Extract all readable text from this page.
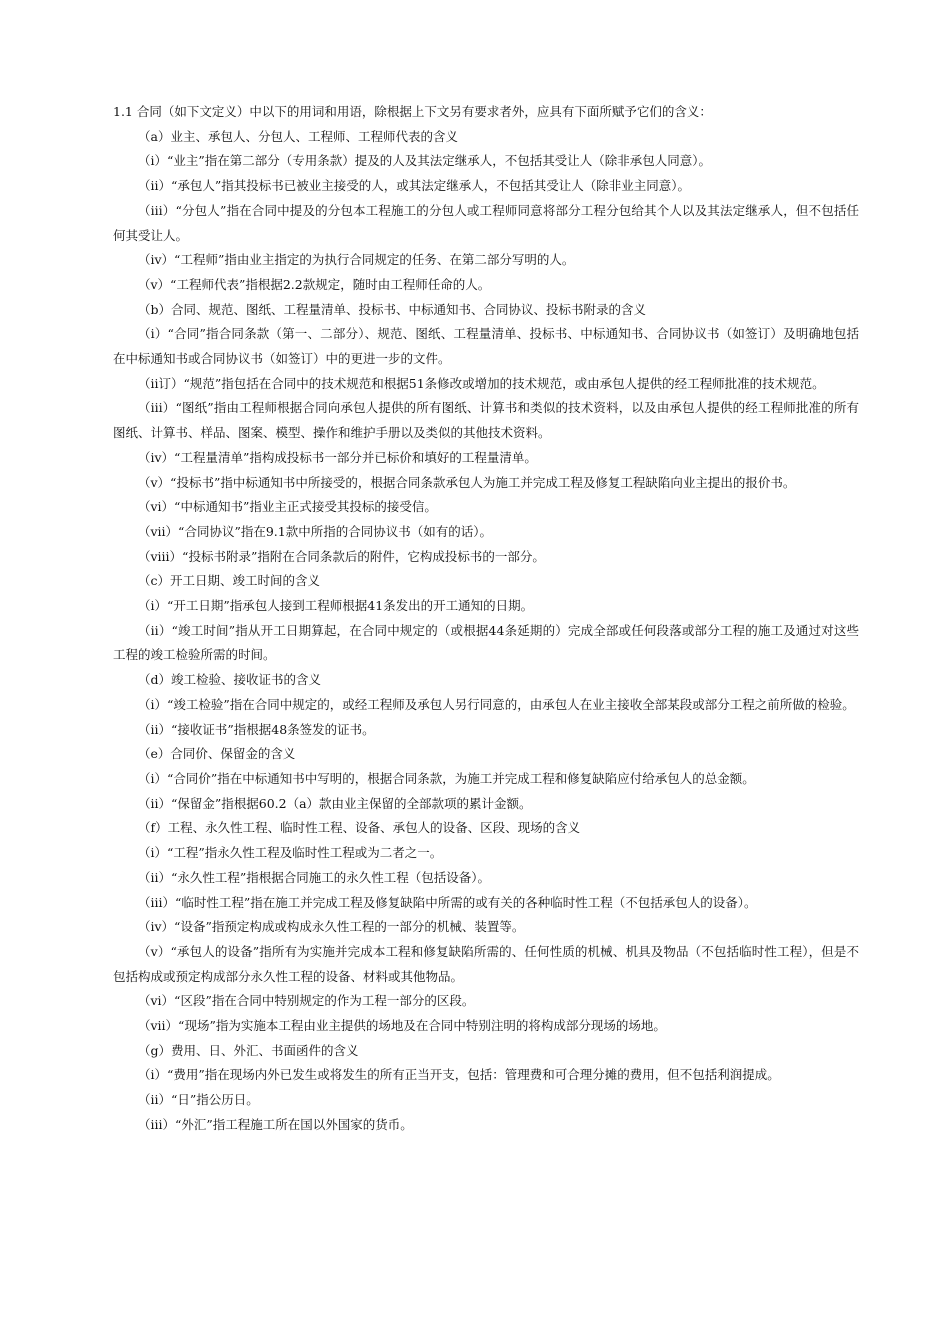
1.1 合同（如下文定义）中以下的用词和用语，除根据上下文另有要求者外，应具有下面所赋予它们的含义：

（a）业主、承包人、分包人、工程师、工程师代表的含义

（i）“业主”指在第二部分（专用条款）提及的人及其法定继承人，不包括其受让人（除非承包人同意）。

（ii）“承包人”指其投标书已被业主接受的人，或其法定继承人，不包括其受让人（除非业主同意）。

（iii）“分包人”指在合同中提及的分包本工程施工的分包人或工程师同意将部分工程分包给其个人以及其法定继承人，但不包括任何其受让人。

（iv）“工程师”指由业主指定的为执行合同规定的任务、在第二部分写明的人。

（v）“工程师代表”指根据2.2款规定，随时由工程师任命的人。

（b）合同、规范、图纸、工程量清单、投标书、中标通知书、合同协议、投标书附录的含义

（i）“合同”指合同条款（第一、二部分）、规范、图纸、工程量清单、投标书、中标通知书、合同协议书（如签订）及明确地包括在中标通知书或合同协议书（如签订）中的更进一步的文件。

（ii订）“规范”指包括在合同中的技术规范和根据51条修改或增加的技术规范，或由承包人提供的经工程师批准的技术规范。

（iii）“图纸”指由工程师根据合同向承包人提供的所有图纸、计算书和类似的技术资料，以及由承包人提供的经工程师批准的所有图纸、计算书、样品、图案、模型、操作和维护手册以及类似的其他技术资料。

（iv）“工程量清单”指构成投标书一部分并已标价和填好的工程量清单。

（v）“投标书”指中标通知书中所接受的，根据合同条款承包人为施工并完成工程及修复工程缺陷向业主提出的报价书。

（vi）“中标通知书”指业主正式接受其投标的接受信。

（vii）“合同协议”指在9.1款中所指的合同协议书（如有的话）。

（viii）“投标书附录”指附在合同条款后的附件，它构成投标书的一部分。

（c）开工日期、竣工时间的含义

（i）“开工日期”指承包人接到工程师根据41条发出的开工通知的日期。

（ii）“竣工时间”指从开工日期算起，在合同中规定的（或根据44条延期的）完成全部或任何段落或部分工程的施工及通过对这些工程的竣工检验所需的时间。

（d）竣工检验、接收证书的含义

（i）“竣工检验”指在合同中规定的，或经工程师及承包人另行同意的，由承包人在业主接收全部某段或部分工程之前所做的检验。

（ii）“接收证书”指根据48条签发的证书。

（e）合同价、保留金的含义

（i）“合同价”指在中标通知书中写明的，根据合同条款，为施工并完成工程和修复缺陷应付给承包人的总金额。

（ii）“保留金”指根据60.2（a）款由业主保留的全部款项的累计金额。

（f）工程、永久性工程、临时性工程、设备、承包人的设备、区段、现场的含义

（i）“工程”指永久性工程及临时性工程或为二者之一。

（ii）“永久性工程”指根据合同施工的永久性工程（包括设备）。

（iii）“临时性工程”指在施工并完成工程及修复缺陷中所需的或有关的各种临时性工程（不包括承包人的设备）。

（iv）“设备”指预定构成或构成永久性工程的一部分的机械、装置等。

（v）“承包人的设备”指所有为实施并完成本工程和修复缺陷所需的、任何性质的机械、机具及物品（不包括临时性工程），但是不包括构成或预定构成部分永久性工程的设备、材料或其他物品。

（vi）“区段”指在合同中特别规定的作为工程一部分的区段。

（vii）“现场”指为实施本工程由业主提供的场地及在合同中特别注明的将构成部分现场的场地。

（g）费用、日、外汇、书面函件的含义

（i）“费用”指在现场内外已发生或将发生的所有正当开支，包括：管理费和可合理分摊的费用，但不包括利润提成。

（ii）“日”指公历日。

（iii）“外汇”指工程施工所在国以外国家的货币。
